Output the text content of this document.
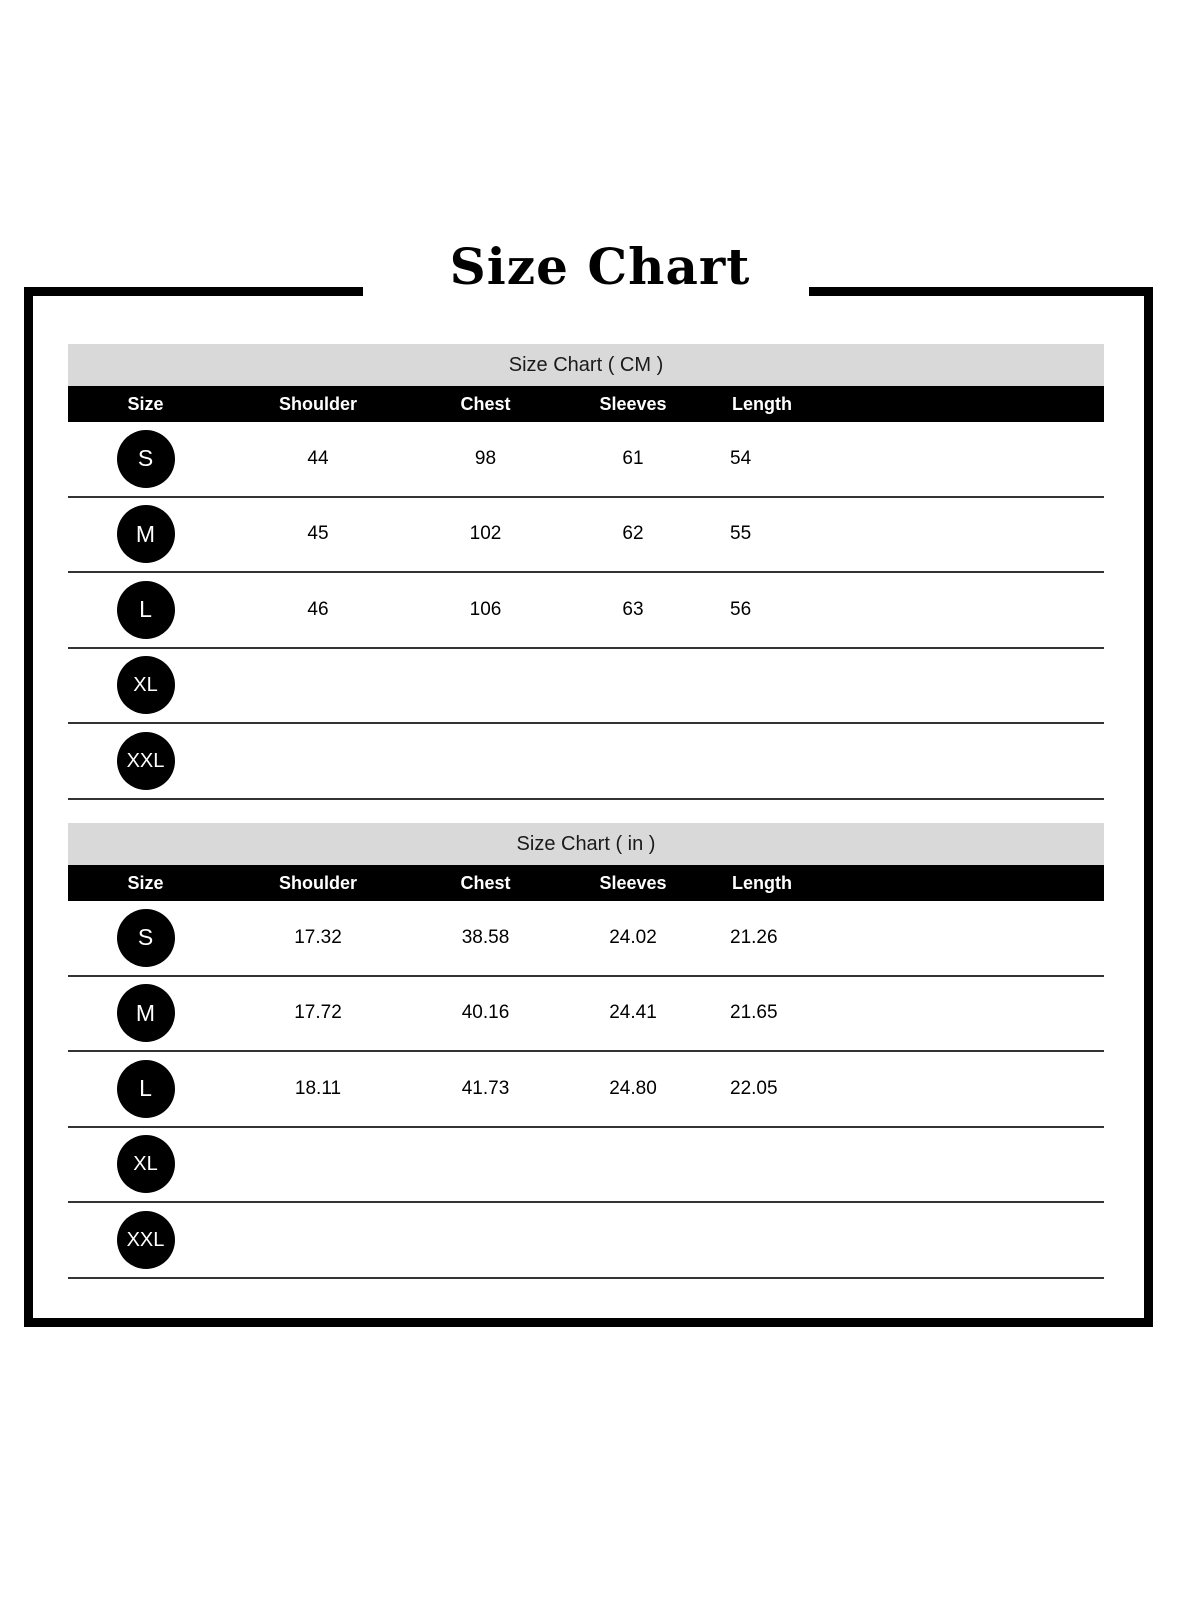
Size Chart
Size Chart ( CM )
Size	Shoulder	Chest	Sleeves	Length
S	44	98	61	54
M	45	102	62	55
L	46	106	63	56
XL
XXL
Size Chart ( in )
Size	Shoulder	Chest	Sleeves	Length
S	17.32	38.58	24.02	21.26
M	17.72	40.16	24.41	21.65
L	18.11	41.73	24.80	22.05
XL
XXL
